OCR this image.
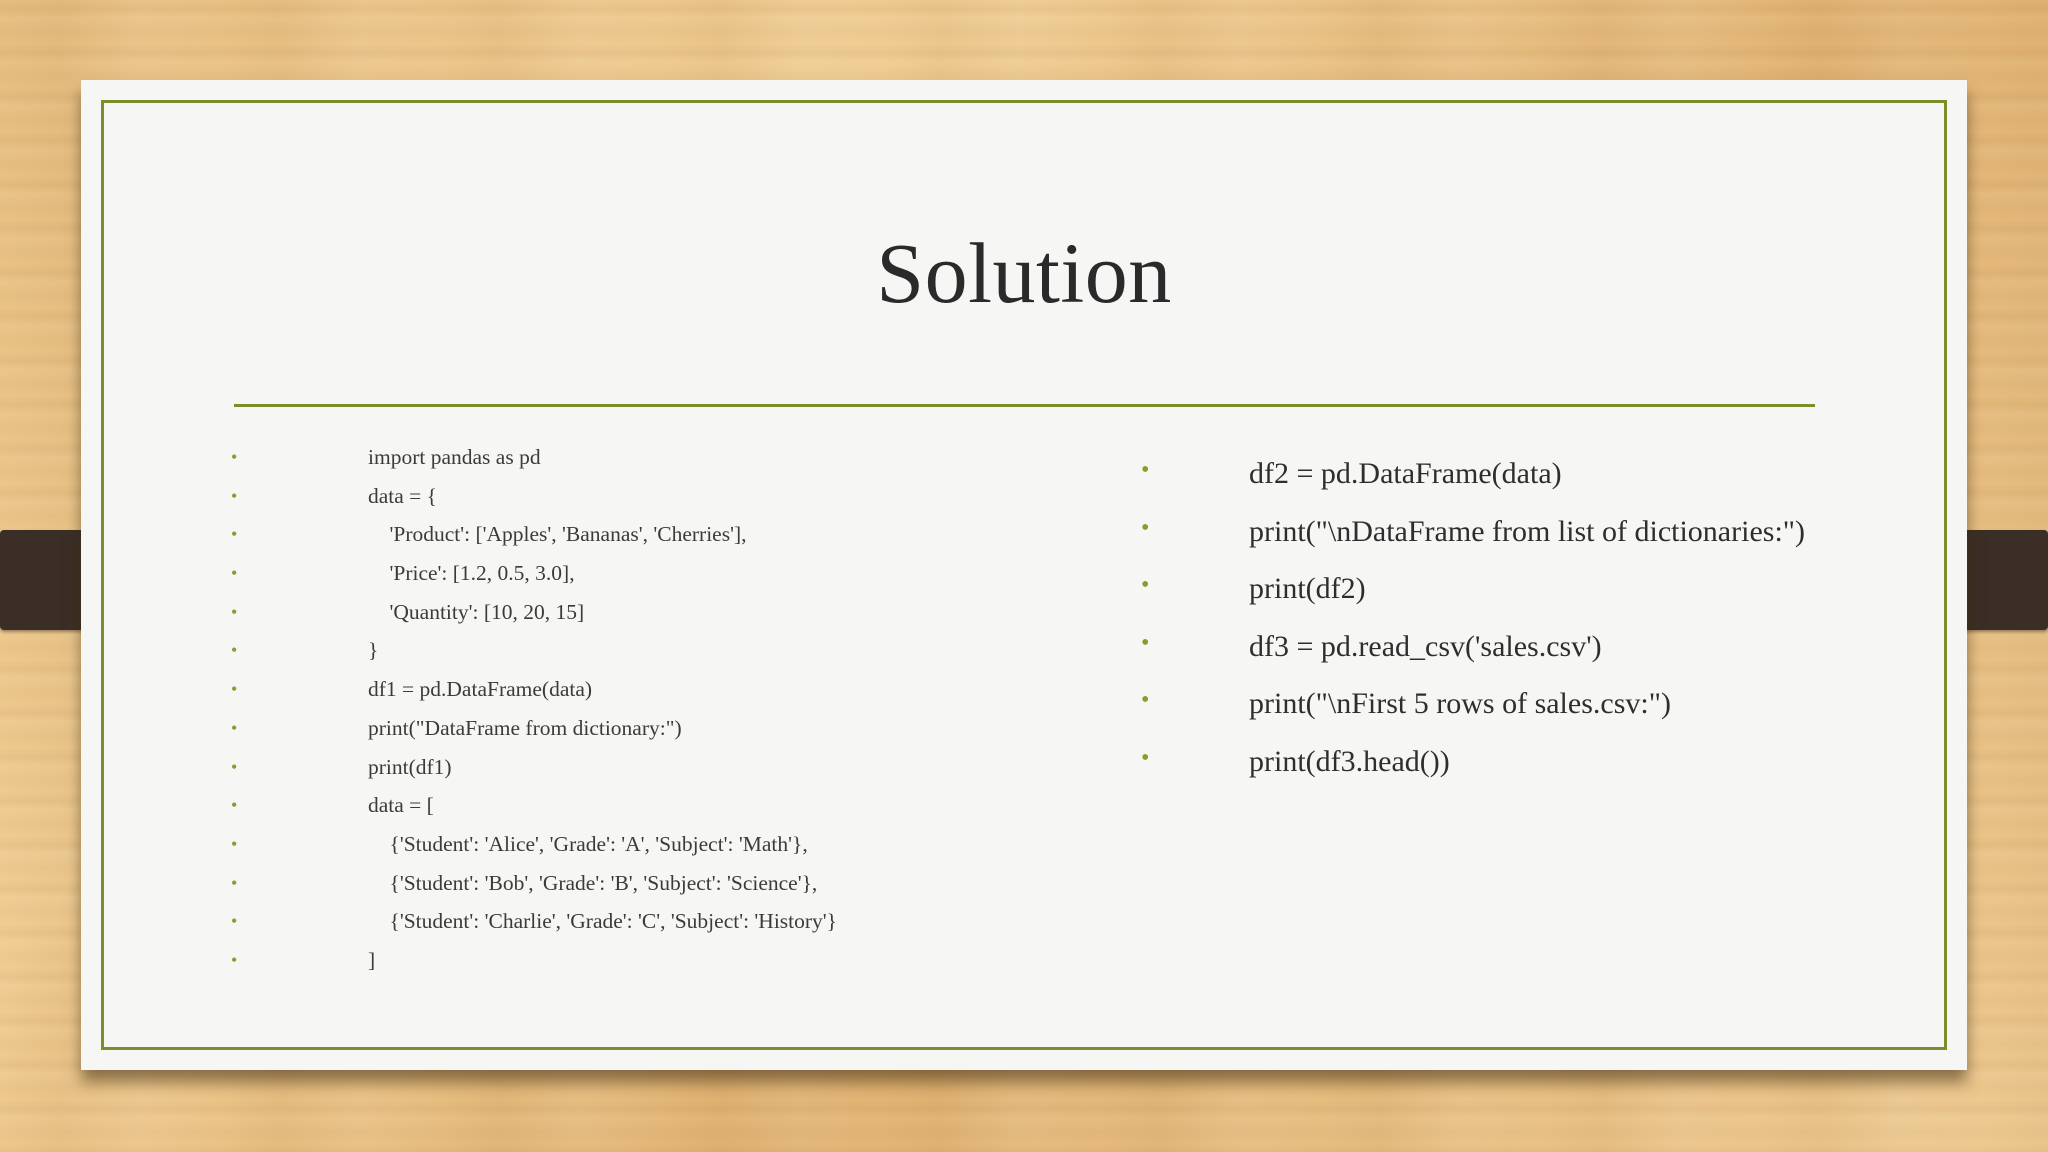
Solution
•	import pandas as pd
•	data = {
•	'Product': ['Apples', 'Bananas', 'Cherries'],
•	'Price': [1.2, 0.5, 3.0],
•	'Quantity': [10, 20, 15]
•	}
•	df1 = pd.DataFrame(data)
•	print("DataFrame from dictionary:")
•	print(df1)
•	data = [
•	{'Student': 'Alice', 'Grade': 'A', 'Subject': 'Math'},
•	{'Student': 'Bob', 'Grade': 'B', 'Subject': 'Science'},
•	{'Student': 'Charlie', 'Grade': 'C', 'Subject': 'History'}
•	]
•	df2 = pd.DataFrame(data)
•	print("\nDataFrame from list of dictionaries:")
•	print(df2)
•	df3 = pd.read_csv('sales.csv')
•	print("\nFirst 5 rows of sales.csv:")
•	print(df3.head())
